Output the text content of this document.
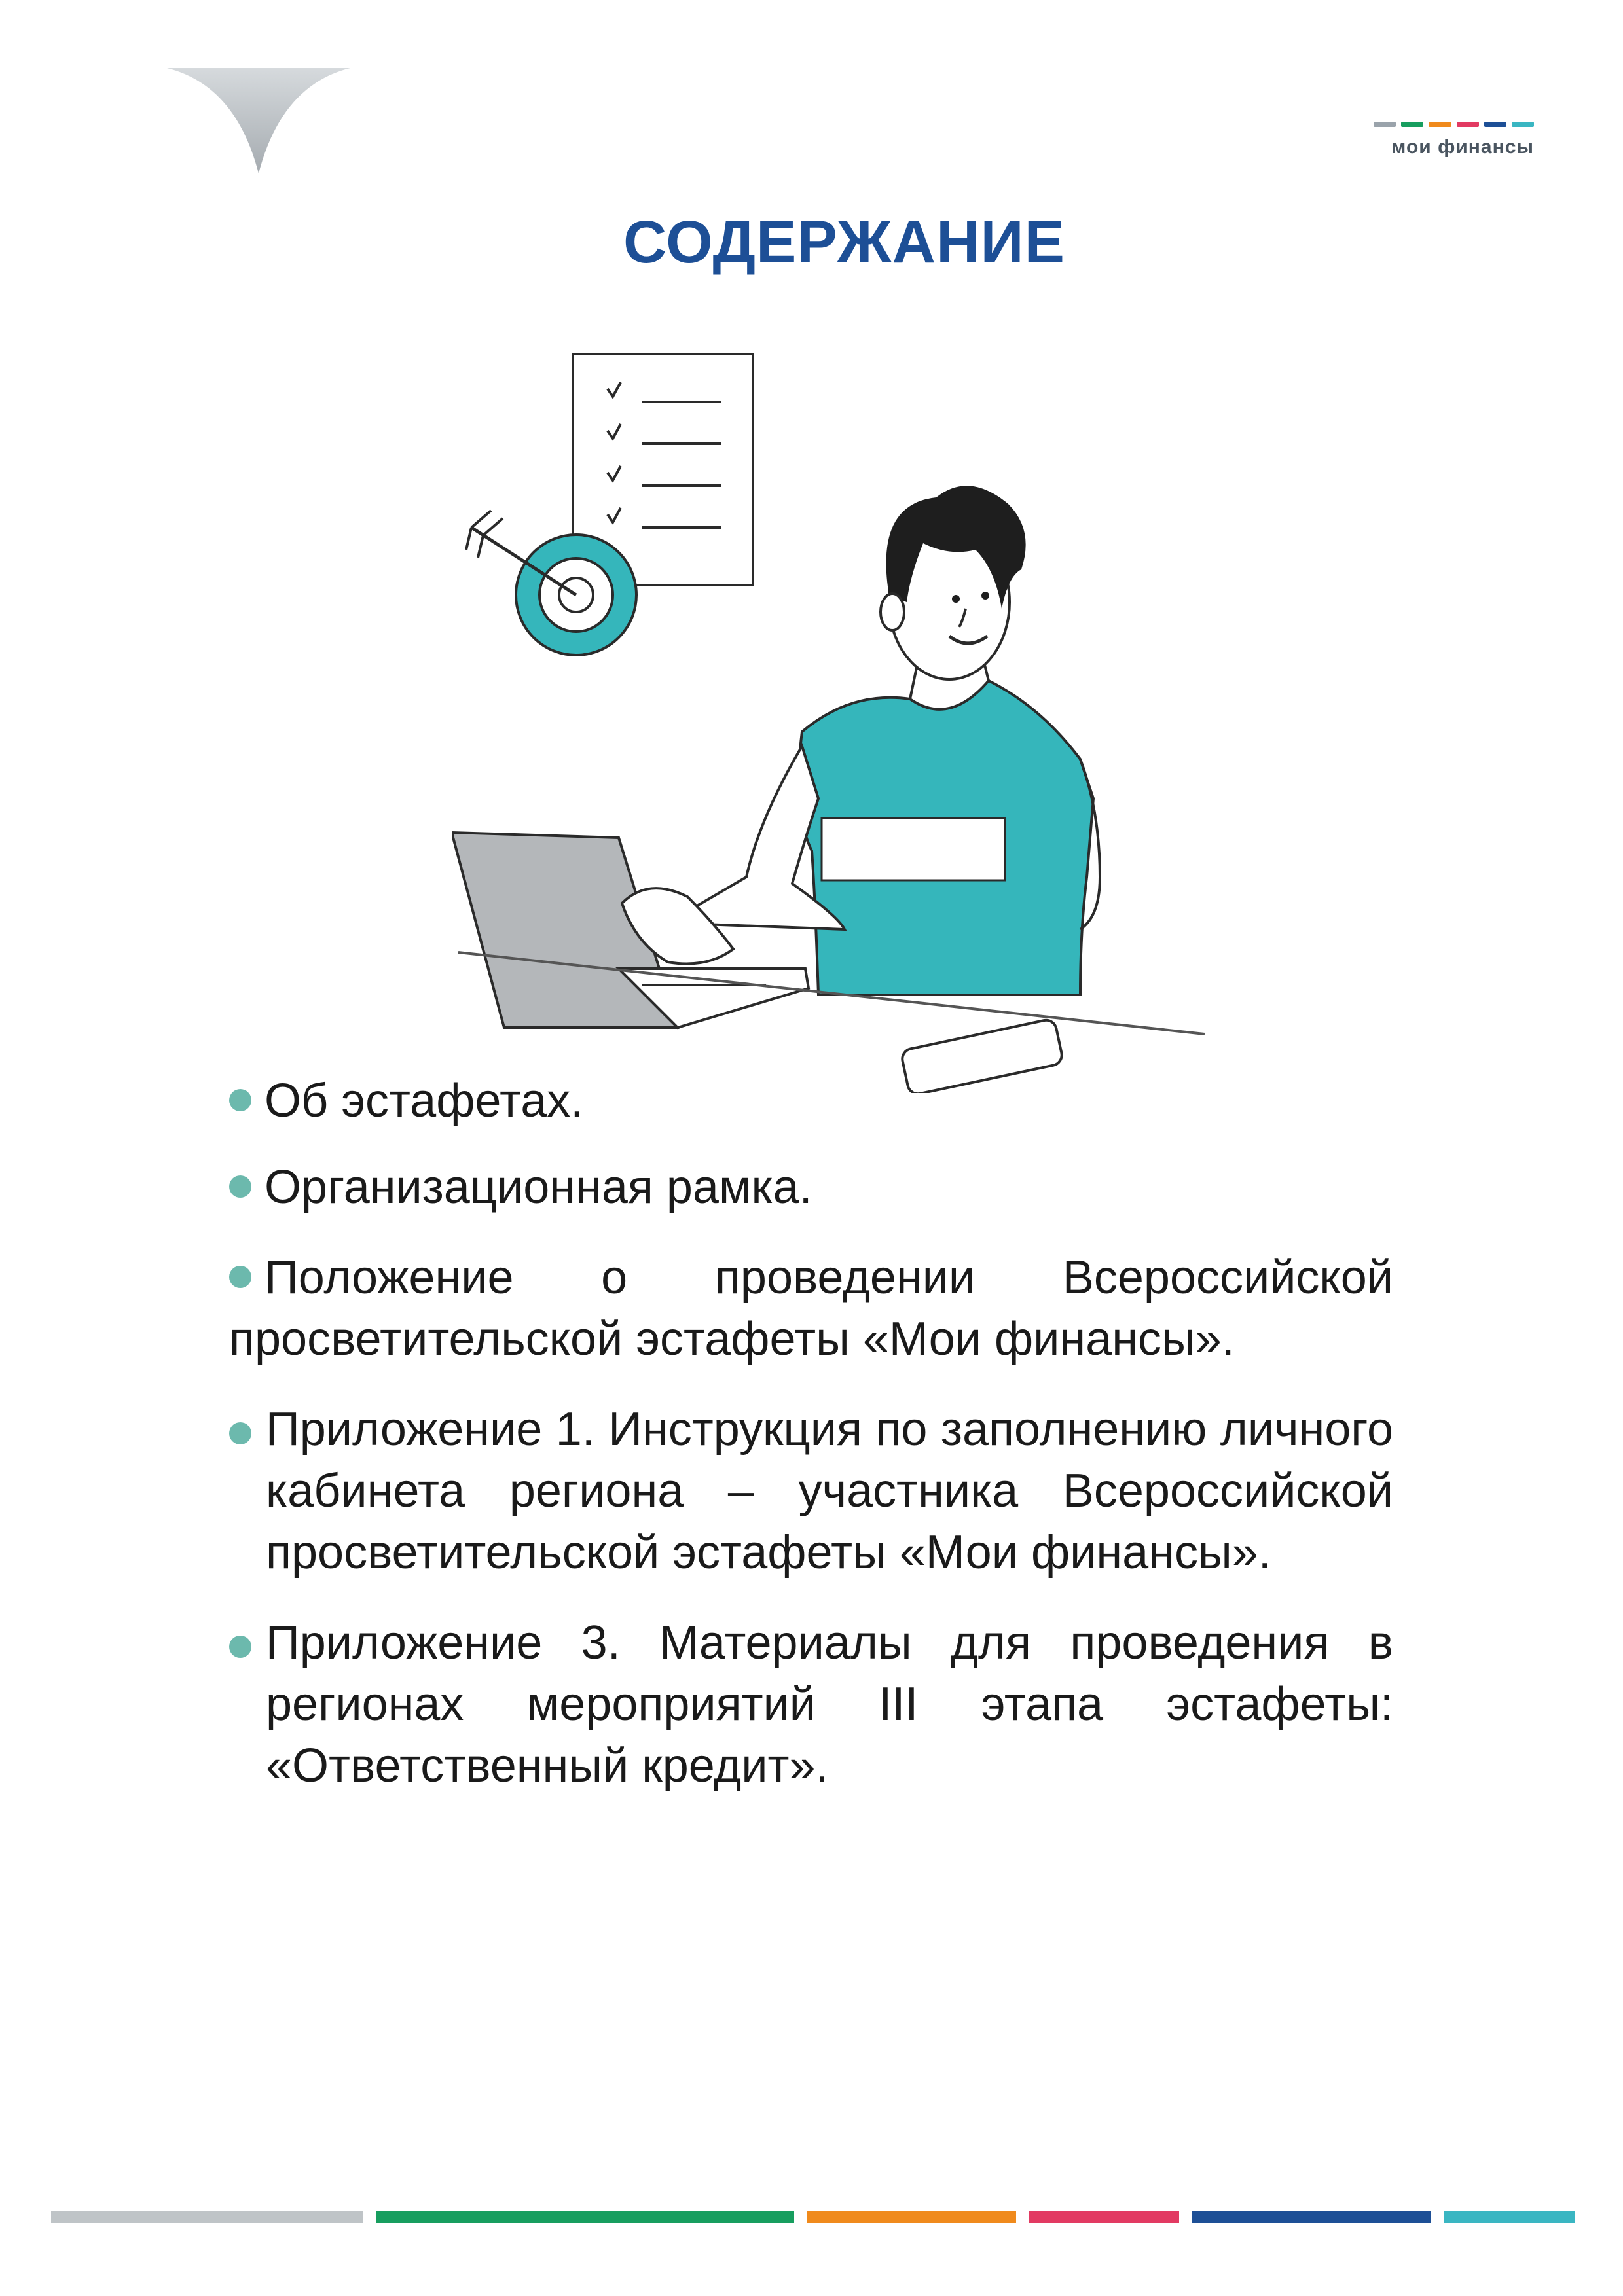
мои финансы
СОДЕРЖАНИЕ

Об эстафетах.

Организационная рамка.

Положение о проведении Всероссийской просветительской эстафеты «Мои финансы».

Приложение 1. Инструкция по заполнению личного кабинета региона – участника Всероссийской просветительской эстафеты «Мои финансы».

Приложение 3. Материалы для проведения в регионах мероприятий III этапа эстафеты: «Ответственный кредит».
